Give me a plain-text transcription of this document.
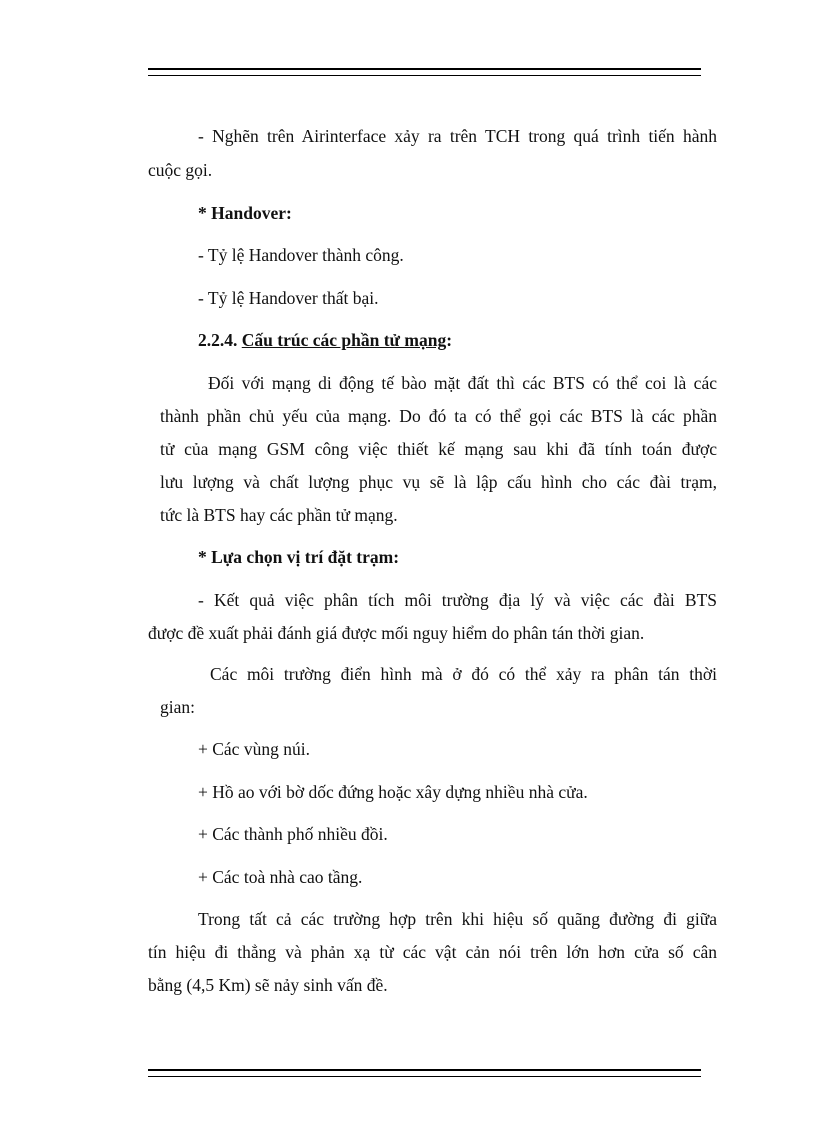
- Nghẽn trên Airinterface xảy ra trên TCH trong quá trình tiến hành
cuộc gọi.
* Handover:
- Tỷ lệ Handover thành công.
- Tỷ lệ Handover thất bại.
2.2.4. Cấu trúc các phần tử mạng:
Đối với mạng di động tế bào mặt đất thì các BTS có thể coi là các
thành phần chủ yếu của mạng. Do đó ta có thể gọi các BTS là các phần
tử của mạng GSM công việc thiết kế mạng sau khi đã tính toán được
lưu lượng và chất lượng phục vụ sẽ là lập cấu hình cho các đài trạm,
tức là BTS hay các phần tử mạng.
* Lựa chọn vị trí đặt trạm:
- Kết quả việc phân tích môi trường địa lý và việc các đài BTS
được đề xuất phải đánh giá được mối nguy hiểm do phân tán thời gian.
Các môi trường điển hình mà ở đó có thể xảy ra phân tán thời
gian:
+ Các vùng núi.
+ Hồ ao với bờ dốc đứng hoặc xây dựng nhiều nhà cửa.
+ Các thành phố nhiều đồi.
+ Các toà nhà cao tầng.
Trong tất cả các trường hợp trên khi hiệu số quãng đường đi giữa
tín hiệu đi thẳng và phản xạ từ các vật cản nói trên lớn hơn cửa số cân
bằng (4,5 Km) sẽ nảy sinh vấn đề.
